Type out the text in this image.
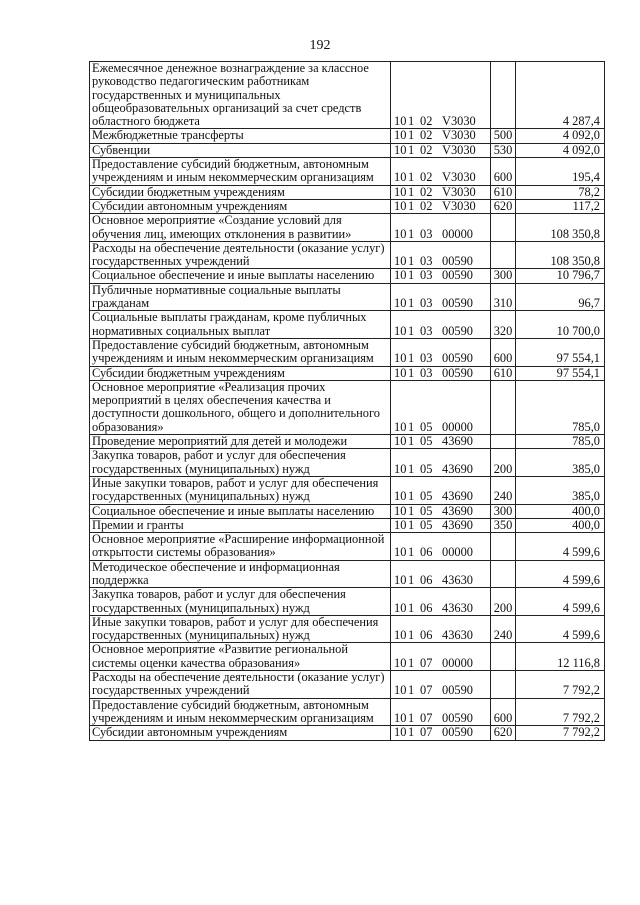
192
Ежемесячное денежное вознаграждение за классное руководство педагогическим работникам государственных и муниципальных общеобразовательных организаций за счет средств областного бюджета	10 1 02 V3030		4 287,4
Межбюджетные трансферты	10 1 02 V3030	500	4 092,0
Субвенции	10 1 02 V3030	530	4 092,0
Предоставление субсидий бюджетным, автономным учреждениям и иным некоммерческим организациям	10 1 02 V3030	600	195,4
Субсидии бюджетным учреждениям	10 1 02 V3030	610	78,2
Субсидии автономным учреждениям	10 1 02 V3030	620	117,2
Основное мероприятие «Создание условий для обучения лиц, имеющих отклонения в развитии»	10 1 03 00000		108 350,8
Расходы на обеспечение деятельности (оказание услуг) государственных учреждений	10 1 03 00590		108 350,8
Социальное обеспечение и иные выплаты населению	10 1 03 00590	300	10 796,7
Публичные нормативные социальные выплаты гражданам	10 1 03 00590	310	96,7
Социальные выплаты гражданам, кроме публичных нормативных социальных выплат	10 1 03 00590	320	10 700,0
Предоставление субсидий бюджетным, автономным учреждениям и иным некоммерческим организациям	10 1 03 00590	600	97 554,1
Субсидии бюджетным учреждениям	10 1 03 00590	610	97 554,1
Основное мероприятие «Реализация прочих мероприятий в целях обеспечения качества и доступности дошкольного, общего и дополнительного образования»	10 1 05 00000		785,0
Проведение мероприятий для детей и молодежи	10 1 05 43690		785,0
Закупка товаров, работ и услуг для обеспечения государственных (муниципальных) нужд	10 1 05 43690	200	385,0
Иные закупки товаров, работ и услуг для обеспечения государственных (муниципальных) нужд	10 1 05 43690	240	385,0
Социальное обеспечение и иные выплаты населению	10 1 05 43690	300	400,0
Премии и гранты	10 1 05 43690	350	400,0
Основное мероприятие «Расширение информационной открытости системы образования»	10 1 06 00000		4 599,6
Методическое обеспечение и информационная поддержка	10 1 06 43630		4 599,6
Закупка товаров, работ и услуг для обеспечения государственных (муниципальных) нужд	10 1 06 43630	200	4 599,6
Иные закупки товаров, работ и услуг для обеспечения государственных (муниципальных) нужд	10 1 06 43630	240	4 599,6
Основное мероприятие «Развитие региональной системы оценки качества образования»	10 1 07 00000		12 116,8
Расходы на обеспечение деятельности (оказание услуг) государственных учреждений	10 1 07 00590		7 792,2
Предоставление субсидий бюджетным, автономным учреждениям и иным некоммерческим организациям	10 1 07 00590	600	7 792,2
Субсидии автономным учреждениям	10 1 07 00590	620	7 792,2
